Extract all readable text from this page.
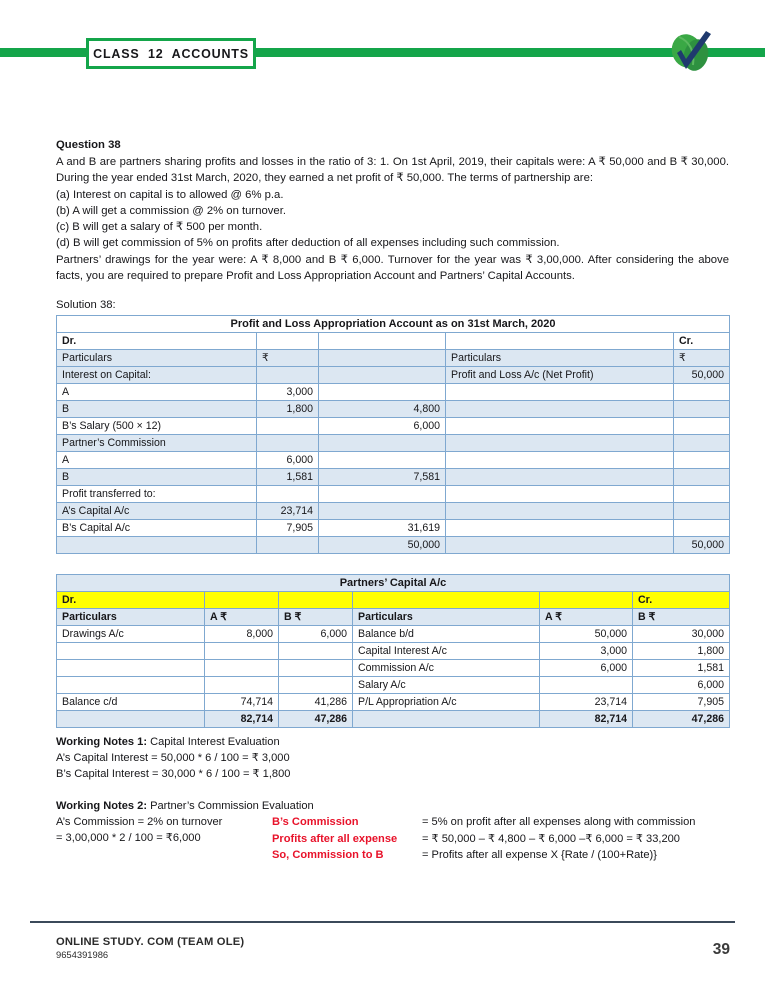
CLASS  12  ACCOUNTS
Question 38
A and B are partners sharing profits and losses in the ratio of 3: 1. On 1st April, 2019, their capitals were: A ₹ 50,000 and B ₹ 30,000. During the year ended 31st March, 2020, they earned a net profit of ₹ 50,000. The terms of partnership are:
(a) Interest on capital is to allowed @ 6% p.a.
(b) A will get a commission @ 2% on turnover.
(c) B will get a salary of ₹ 500 per month.
(d) B will get commission of 5% on profits after deduction of all expenses including such commission.
Partners’ drawings for the year were: A ₹ 8,000 and B ₹ 6,000. Turnover for the year was ₹ 3,00,000. After considering the above facts, you are required to prepare Profit and Loss Appropriation Account and Partners’ Capital Accounts.
Solution 38:
Profit and Loss Appropriation Account as on 31st March, 2020				
Dr.				Cr.
Particulars	₹		Particulars	₹
Interest on Capital:			Profit and Loss A/c (Net Profit)	50,000
A	3,000			
B	1,800	4,800		
B’s Salary (500 × 12)		6,000		
Partner’s Commission				
A	6,000			
B	1,581	7,581		
Profit transferred to:				
A’s Capital A/c	23,714			
B’s Capital A/c	7,905	31,619		
		50,000		50,000
Partners’ Capital A/c					
Dr.					Cr.
Particulars	A ₹	B ₹	Particulars	A ₹	B ₹
Drawings A/c	8,000	6,000	Balance b/d	50,000	30,000
			Capital Interest A/c	3,000	1,800
			Commission A/c	6,000	1,581
			Salary A/c		6,000
Balance c/d	74,714	41,286	P/L Appropriation A/c	23,714	7,905
	82,714	47,286		82,714	47,286
Working Notes 1: Capital Interest Evaluation
A’s Capital Interest = 50,000 * 6 / 100 = ₹ 3,000
B’s Capital Interest = 30,000 * 6 / 100 = ₹ 1,800
Working Notes 2: Partner’s Commission Evaluation
A’s Commission = 2% on turnover
= 3,00,000 * 2 / 100 = ₹6,000
B’s Commission	= 5% on profit after all expenses along with commission
Profits after all expense	= ₹ 50,000 – ₹ 4,800 – ₹ 6,000 –₹ 6,000 = ₹ 33,200
So, Commission to B	= Profits after all expense X {Rate / (100+Rate)}
ONLINE STUDY. COM (TEAM OLE)
9654391986	39
